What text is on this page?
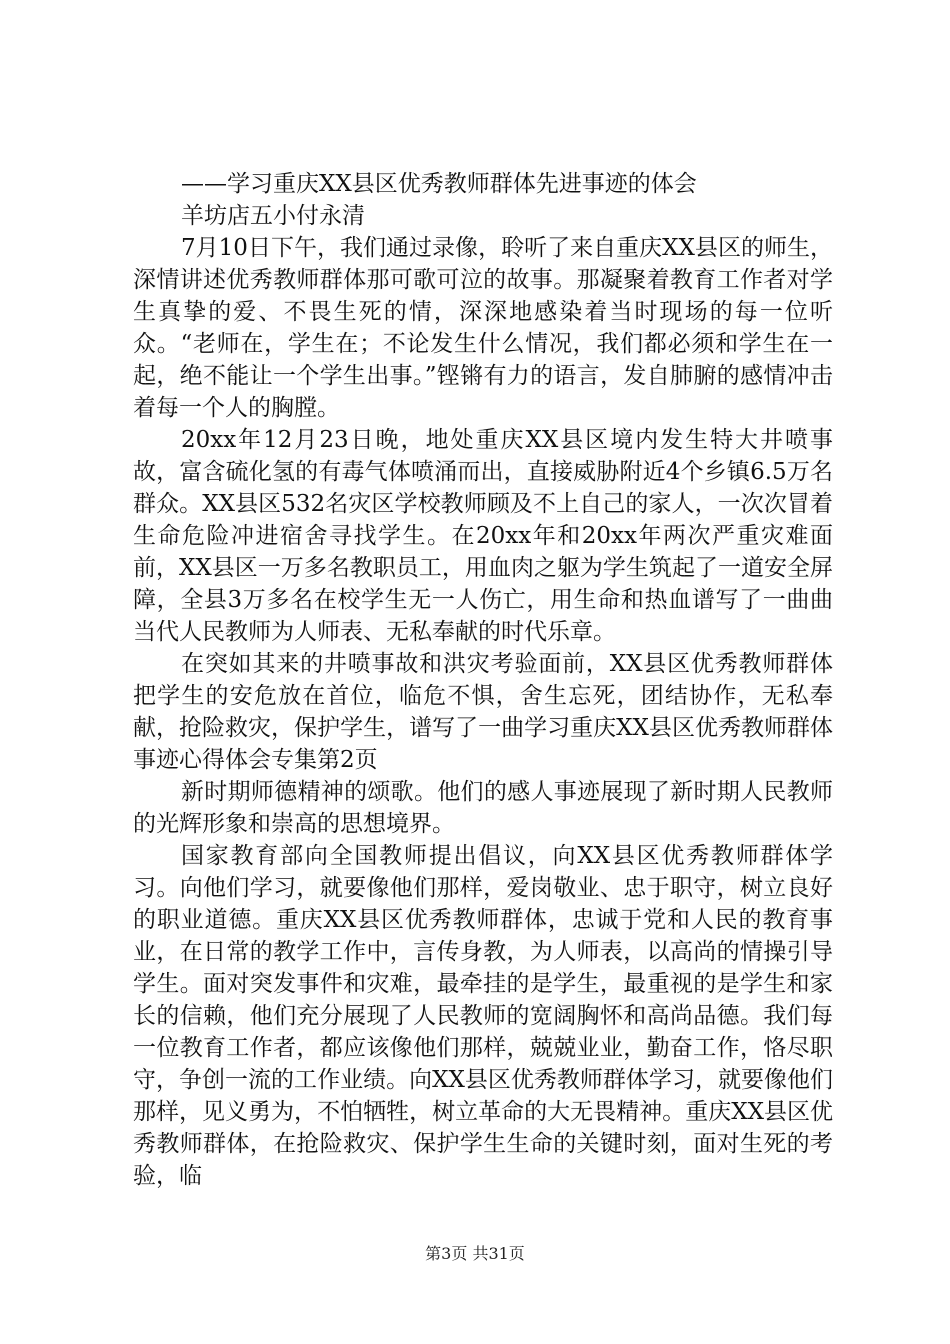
——学习重庆XX县区优秀教师群体先进事迹的体会
羊坊店五小付永清

7月10日下午，我们通过录像，聆听了来自重庆XX县区的师生，深情讲述优秀教师群体那可歌可泣的故事。那凝聚着教育工作者对学生真挚的爱、不畏生死的情，深深地感染着当时现场的每一位听众。“老师在，学生在；不论发生什么情况，我们都必须和学生在一起，绝不能让一个学生出事。”铿锵有力的语言，发自肺腑的感情冲击着每一个人的胸膛。

20xx年12月23日晚，地处重庆XX县区境内发生特大井喷事故，富含硫化氢的有毒气体喷涌而出，直接威胁附近4个乡镇6.5万名群众。XX县区532名灾区学校教师顾及不上自己的家人，一次次冒着生命危险冲进宿舍寻找学生。在20xx年和20xx年两次严重灾难面前，XX县区一万多名教职员工，用血肉之躯为学生筑起了一道安全屏障，全县3万多名在校学生无一人伤亡，用生命和热血谱写了一曲曲当代人民教师为人师表、无私奉献的时代乐章。

在突如其来的井喷事故和洪灾考验面前，XX县区优秀教师群体把学生的安危放在首位，临危不惧，舍生忘死，团结协作，无私奉献，抢险救灾，保护学生，谱写了一曲学习重庆XX县区优秀教师群体事迹心得体会专集第2页

新时期师德精神的颂歌。他们的感人事迹展现了新时期人民教师的光辉形象和崇高的思想境界。

国家教育部向全国教师提出倡议，向XX县区优秀教师群体学习。向他们学习，就要像他们那样，爱岗敬业、忠于职守，树立良好的职业道德。重庆XX县区优秀教师群体，忠诚于党和人民的教育事业，在日常的教学工作中，言传身教，为人师表，以高尚的情操引导学生。面对突发事件和灾难，最牵挂的是学生，最重视的是学生和家长的信赖，他们充分展现了人民教师的宽阔胸怀和高尚品德。我们每一位教育工作者，都应该像他们那样，兢兢业业，勤奋工作，恪尽职守，争创一流的工作业绩。向XX县区优秀教师群体学习，就要像他们那样，见义勇为，不怕牺牲，树立革命的大无畏精神。重庆XX县区优秀教师群体，在抢险救灾、保护学生生命的关键时刻，面对生死的考验，临

第3页 共31页
